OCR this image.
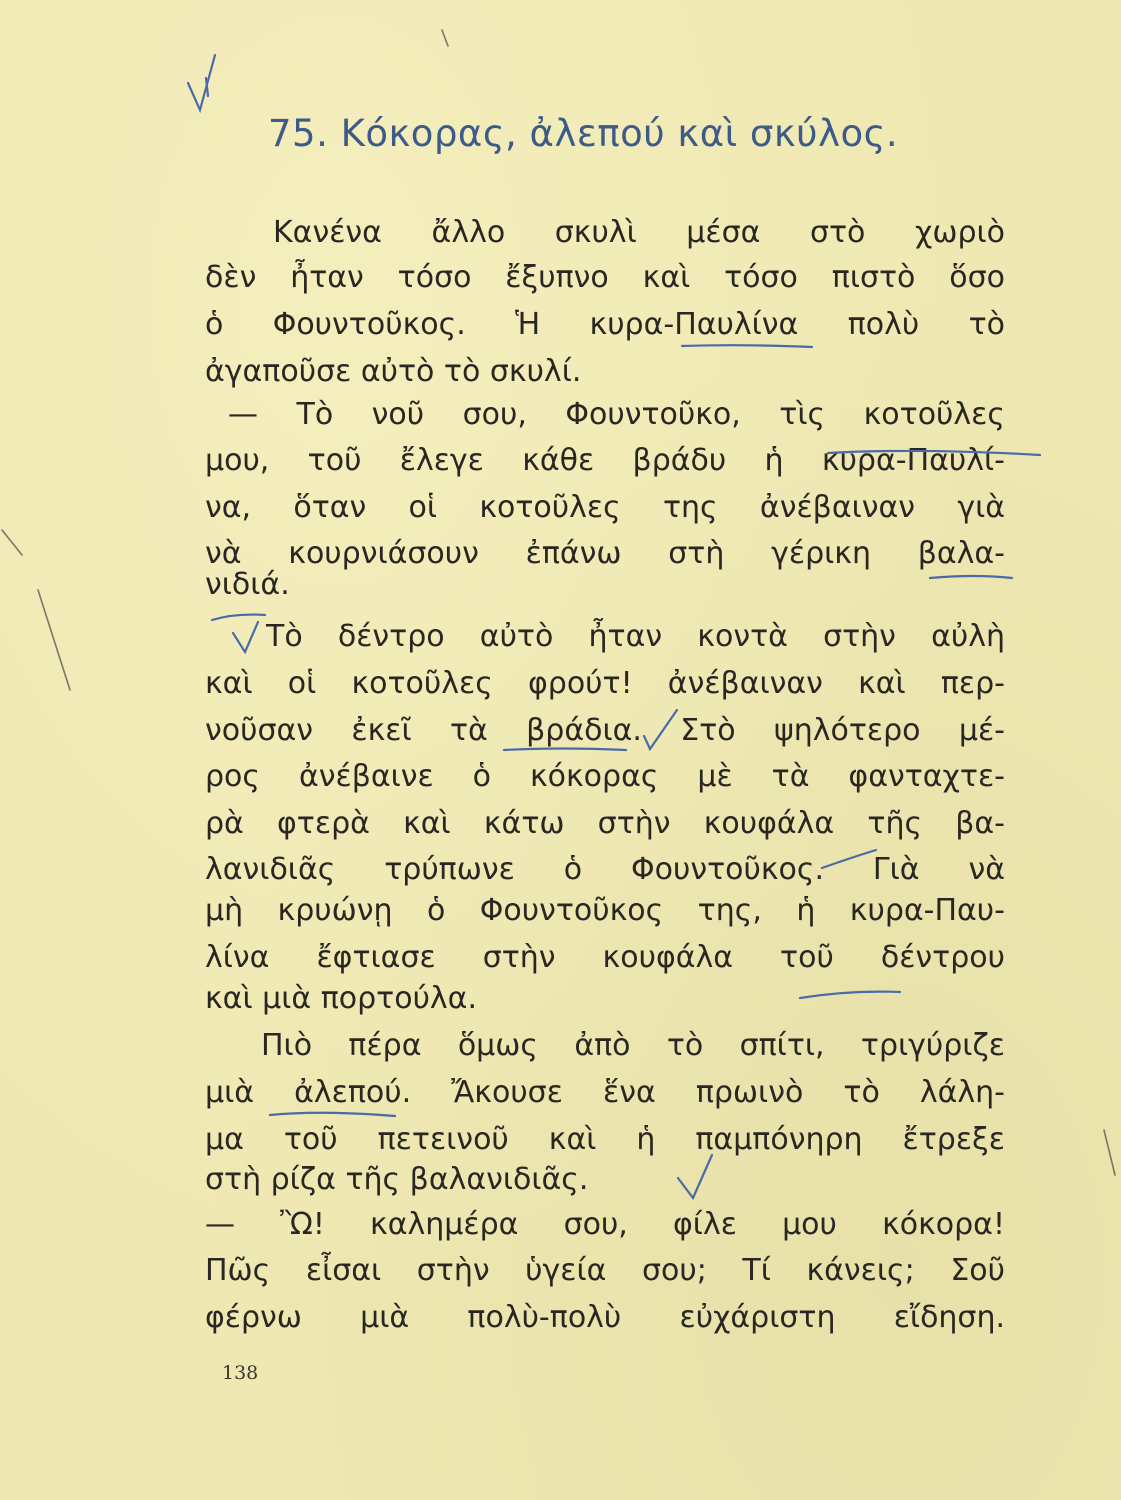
75. Κόκορας, ἀλεπού καὶ σκύλος.
Κανένα ἄλλο σκυλὶ μέσα στὸ χωριὸ
δὲν ἦταν τόσο ἔξυπνο καὶ τόσο πιστὸ ὅσο
ὁ Φουντοῦκος. Ἡ κυρα-Παυλίνα πολὺ τὸ
ἀγαποῦσε αὐτὸ τὸ σκυλί.
— Τὸ νοῦ σου, Φουντοῦκο, τὶς κοτοῦλες
μου, τοῦ ἔλεγε κάθε βράδυ ἡ κυρα-Παυλί-
να, ὅταν οἱ κοτοῦλες της ἀνέβαιναν γιὰ
νὰ κουρνιάσουν ἐπάνω στὴ γέρικη βαλα-
νιδιά.
Τὸ δέντρο αὐτὸ ἦταν κοντὰ στὴν αὐλὴ
καὶ οἱ κοτοῦλες φρούτ! ἀνέβαιναν καὶ περ-
νοῦσαν ἐκεῖ τὰ βράδια. Στὸ ψηλότερο μέ-
ρος ἀνέβαινε ὁ κόκορας μὲ τὰ φανταχτε-
ρὰ φτερὰ καὶ κάτω στὴν κουφάλα τῆς βα-
λανιδιᾶς τρύπωνε ὁ Φουντοῦκος. Γιὰ νὰ
μὴ κρυώνῃ ὁ Φουντοῦκος της, ἡ κυρα-Παυ-
λίνα ἔφτιασε στὴν κουφάλα τοῦ δέντρου
καὶ μιὰ πορτούλα.
Πιὸ πέρα ὅμως ἀπὸ τὸ σπίτι, τριγύριζε
μιὰ ἀλεπού. Ἄκουσε ἕνα πρωινὸ τὸ λάλη-
μα τοῦ πετεινοῦ καὶ ἡ παμπόνηρη ἔτρεξε
στὴ ρίζα τῆς βαλανιδιᾶς.
— Ὢ! καλημέρα σου, φίλε μου κόκορα!
Πῶς εἶσαι στὴν ὑγεία σου; Τί κάνεις; Σοῦ
φέρνω μιὰ πολὺ-πολὺ εὐχάριστη εἴδηση.
138
